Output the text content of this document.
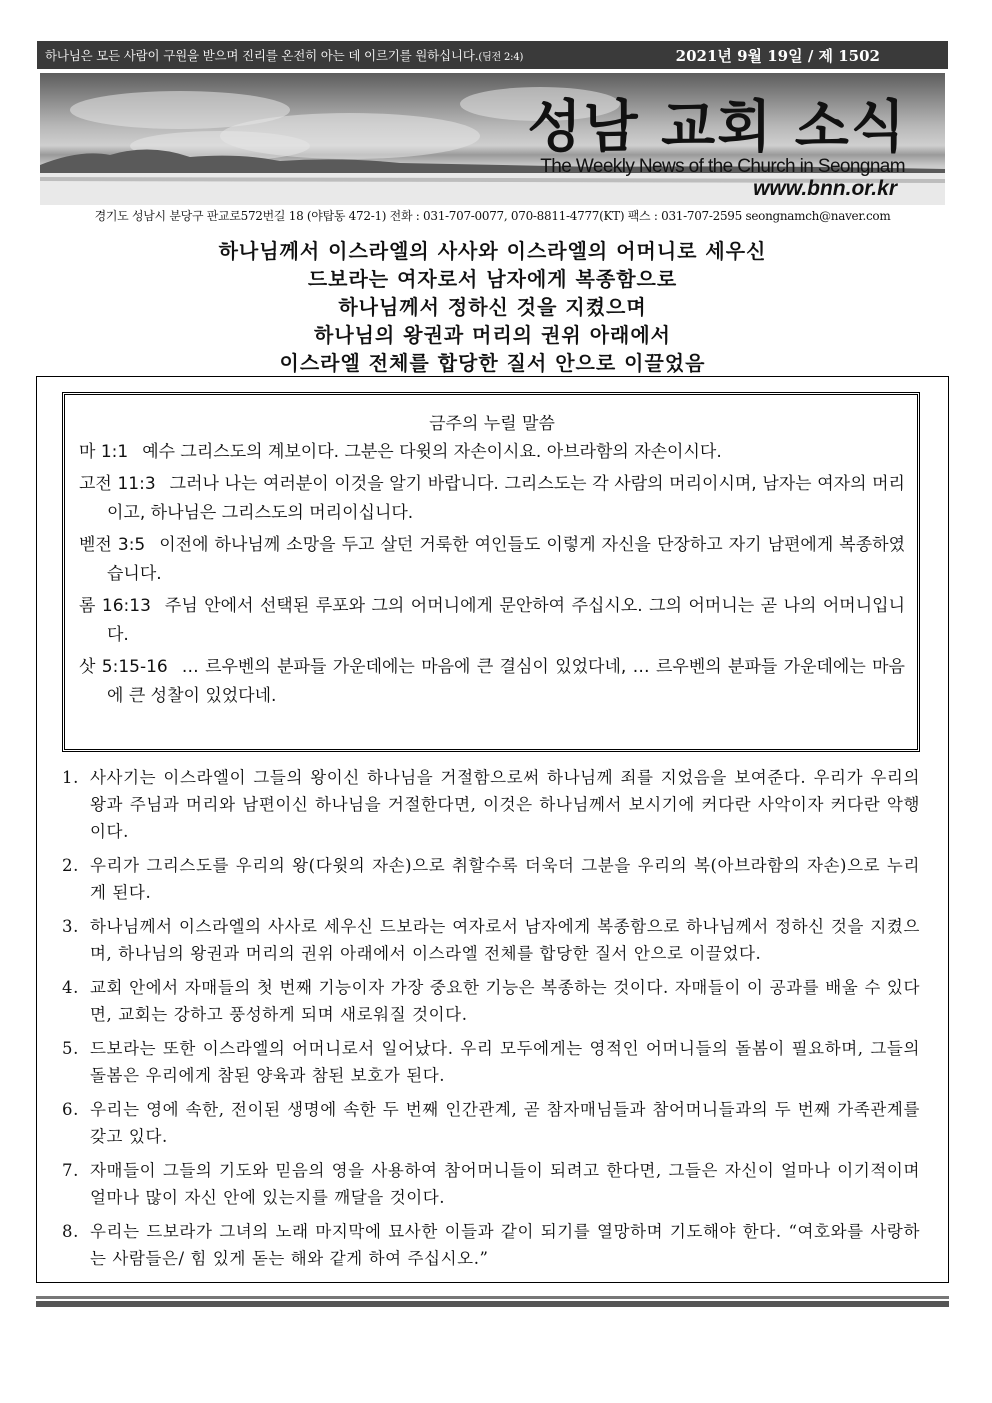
하나님은 모든 사람이 구원을 받으며 진리를 온전히 아는 데 이르기를 원하십니다.(딤전 2:4)	2021년 9월 19일 / 제 1502
성남 교회 소식
The Weekly News of the Church in Seongnam
www.bnn.or.kr
경기도 성남시 분당구 판교로572번길 18 (야탑동 472-1) 전화 : 031-707-0077, 070-8811-4777(KT) 팩스 : 031-707-2595 seongnamch@naver.com
하나님께서 이스라엘의 사사와 이스라엘의 어머니로 세우신
드보라는 여자로서 남자에게 복종함으로
하나님께서 정하신 것을 지켰으며
하나님의 왕권과 머리의 권위 아래에서
이스라엘 전체를 합당한 질서 안으로 이끌었음
금주의 누릴 말씀
마 1:1 예수 그리스도의 계보이다. 그분은 다윗의 자손이시요. 아브라함의 자손이시다.
고전 11:3 그러나 나는 여러분이 이것을 알기 바랍니다. 그리스도는 각 사람의 머리이시며, 남자는 여자의 머리이고, 하나님은 그리스도의 머리이십니다.
벧전 3:5 이전에 하나님께 소망을 두고 살던 거룩한 여인들도 이렇게 자신을 단장하고 자기 남편에게 복종하였습니다.
롬 16:13 주님 안에서 선택된 루포와 그의 어머니에게 문안하여 주십시오. 그의 어머니는 곧 나의 어머니입니다.
삿 5:15-16 … 르우벤의 분파들 가운데에는 마음에 큰 결심이 있었다네, … 르우벤의 분파들 가운데에는 마음에 큰 성찰이 있었다네.
1. 사사기는 이스라엘이 그들의 왕이신 하나님을 거절함으로써 하나님께 죄를 지었음을 보여준다. 우리가 우리의 왕과 주님과 머리와 남편이신 하나님을 거절한다면, 이것은 하나님께서 보시기에 커다란 사악이자 커다란 악행이다.
2. 우리가 그리스도를 우리의 왕(다윗의 자손)으로 취할수록 더욱더 그분을 우리의 복(아브라함의 자손)으로 누리게 된다.
3. 하나님께서 이스라엘의 사사로 세우신 드보라는 여자로서 남자에게 복종함으로 하나님께서 정하신 것을 지켰으며, 하나님의 왕권과 머리의 권위 아래에서 이스라엘 전체를 합당한 질서 안으로 이끌었다.
4. 교회 안에서 자매들의 첫 번째 기능이자 가장 중요한 기능은 복종하는 것이다. 자매들이 이 공과를 배울 수 있다면, 교회는 강하고 풍성하게 되며 새로워질 것이다.
5. 드보라는 또한 이스라엘의 어머니로서 일어났다. 우리 모두에게는 영적인 어머니들의 돌봄이 필요하며, 그들의 돌봄은 우리에게 참된 양육과 참된 보호가 된다.
6. 우리는 영에 속한, 전이된 생명에 속한 두 번째 인간관계, 곧 참자매님들과 참어머니들과의 두 번째 가족관계를 갖고 있다.
7. 자매들이 그들의 기도와 믿음의 영을 사용하여 참어머니들이 되려고 한다면, 그들은 자신이 얼마나 이기적이며 얼마나 많이 자신 안에 있는지를 깨달을 것이다.
8. 우리는 드보라가 그녀의 노래 마지막에 묘사한 이들과 같이 되기를 열망하며 기도해야 한다. “여호와를 사랑하는 사람들은/ 힘 있게 돋는 해와 같게 하여 주십시오.”
